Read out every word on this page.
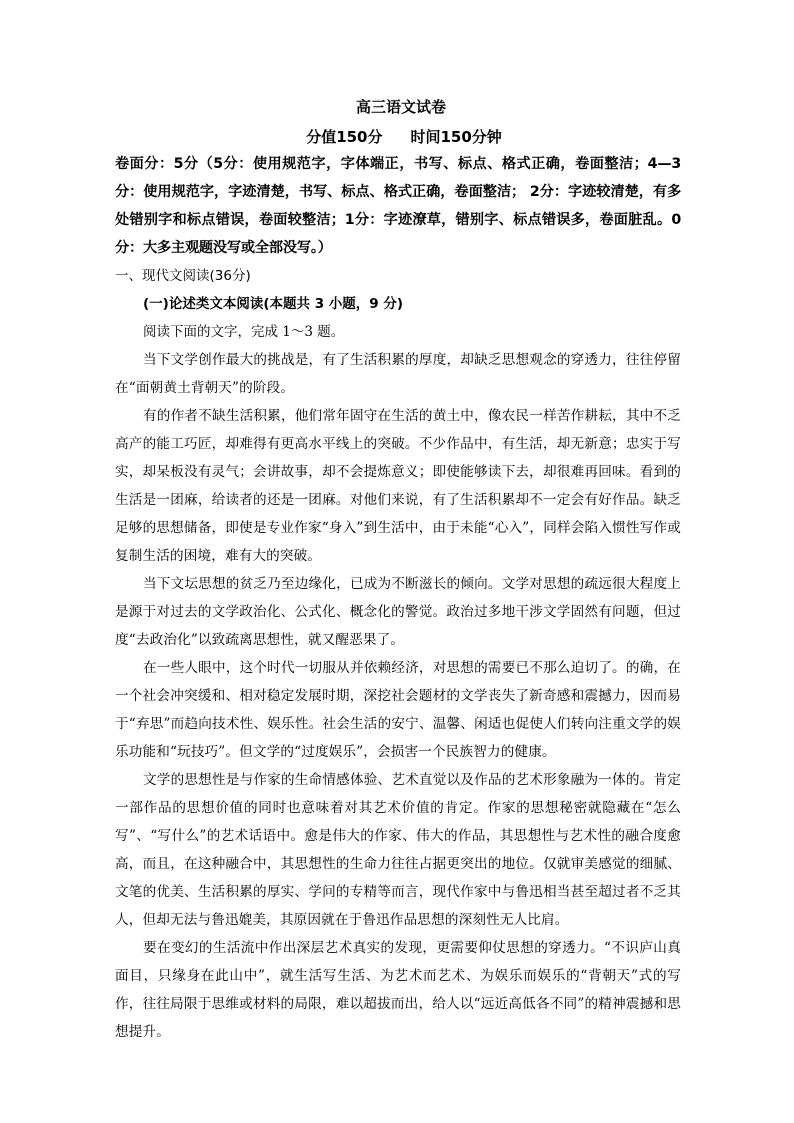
高三语文试卷

分值150分 时间150分钟

卷面分：5分（5分：使用规范字，字体端正，书写、标点、格式正确，卷面整洁；4—3分：使用规范字，字迹清楚，书写、标点、格式正确，卷面整洁； 2分：字迹较清楚，有多处错别字和标点错误，卷面较整洁；1分：字迹潦草，错别字、标点错误多，卷面脏乱。0分：大多主观题没写或全部没写。）

一、现代文阅读(36分)

(一)论述类文本阅读(本题共 3 小题，9 分)

阅读下面的文字，完成 1～3 题。

当下文学创作最大的挑战是，有了生活积累的厚度，却缺乏思想观念的穿透力，往往停留在“面朝黄土背朝天”的阶段。

有的作者不缺生活积累，他们常年固守在生活的黄土中，像农民一样苦作耕耘，其中不乏高产的能工巧匠，却难得有更高水平线上的突破。不少作品中，有生活，却无新意；忠实于写实，却呆板没有灵气；会讲故事，却不会提炼意义；即使能够读下去，却很难再回味。看到的生活是一团麻，给读者的还是一团麻。对他们来说，有了生活积累却不一定会有好作品。缺乏足够的思想储备，即使是专业作家“身入”到生活中，由于未能“心入”，同样会陷入惯性写作或复制生活的困境，难有大的突破。

当下文坛思想的贫乏乃至边缘化，已成为不断滋长的倾向。文学对思想的疏远很大程度上是源于对过去的文学政治化、公式化、概念化的警觉。政治过多地干涉文学固然有问题，但过度“去政治化”以致疏离思想性，就又醒恶果了。

在一些人眼中，这个时代一切服从并依赖经济，对思想的需要已不那么迫切了。的确，在一个社会冲突缓和、相对稳定发展时期，深挖社会题材的文学丧失了新奇感和震撼力，因而易于“弃思”而趋向技术性、娱乐性。社会生活的安宁、温馨、闲适也促使人们转向注重文学的娱乐功能和“玩技巧”。但文学的“过度娱乐”，会损害一个民族智力的健康。

文学的思想性是与作家的生命情感体验、艺术直觉以及作品的艺术形象融为一体的。肯定一部作品的思想价值的同时也意味着对其艺术价值的肯定。作家的思想秘密就隐藏在“怎么写”、“写什么”的艺术话语中。愈是伟大的作家、伟大的作品，其思想性与艺术性的融合度愈高，而且，在这种融合中，其思想性的生命力往往占据更突出的地位。仅就审美感觉的细腻、文笔的优美、生活积累的厚实、学问的专精等而言，现代作家中与鲁迅相当甚至超过者不乏其人，但却无法与鲁迅媲美，其原因就在于鲁迅作品思想的深刻性无人比肩。

要在变幻的生活流中作出深层艺术真实的发现，更需要仰仗思想的穿透力。“不识庐山真面目，只缘身在此山中”，就生活写生活、为艺术而艺术、为娱乐而娱乐的“背朝天”式的写作，往往局限于思维或材料的局限，难以超拔而出，给人以“远近高低各不同”的精神震撼和思想提升。
